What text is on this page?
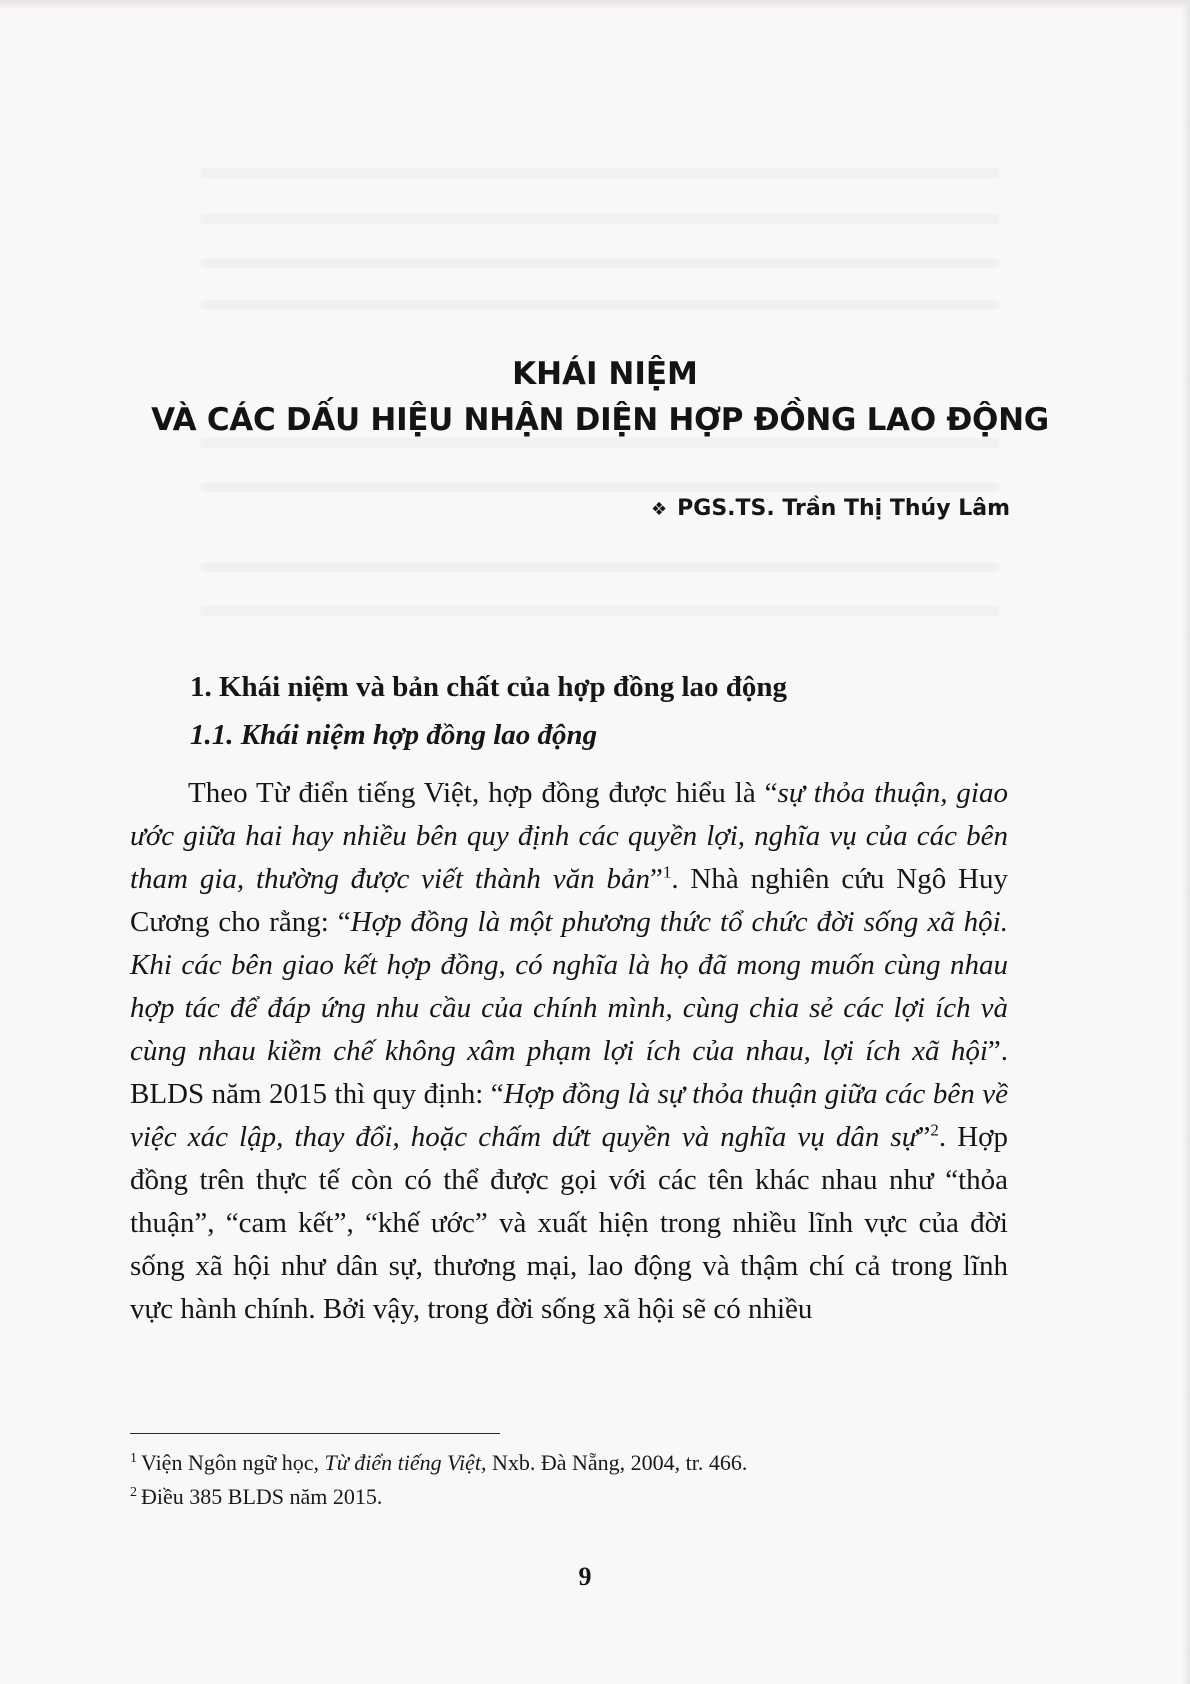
KHÁI NIỆM
VÀ CÁC DẤU HIỆU NHẬN DIỆN HỢP ĐỒNG LAO ĐỘNG
❖ PGS.TS. Trần Thị Thúy Lâm
1. Khái niệm và bản chất của hợp đồng lao động
1.1. Khái niệm hợp đồng lao động
Theo Từ điển tiếng Việt, hợp đồng được hiểu là “sự thỏa thuận, giao ước giữa hai hay nhiều bên quy định các quyền lợi, nghĩa vụ của các bên tham gia, thường được viết thành văn bản”$^1$. Nhà nghiên cứu Ngô Huy Cương cho rằng: “Hợp đồng là một phương thức tổ chức đời sống xã hội. Khi các bên giao kết hợp đồng, có nghĩa là họ đã mong muốn cùng nhau hợp tác để đáp ứng nhu cầu của chính mình, cùng chia sẻ các lợi ích và cùng nhau kiềm chế không xâm phạm lợi ích của nhau, lợi ích xã hội”. BLDS năm 2015 thì quy định: “Hợp đồng là sự thỏa thuận giữa các bên về việc xác lập, thay đổi, hoặc chấm dứt quyền và nghĩa vụ dân sự”$^2$. Hợp đồng trên thực tế còn có thể được gọi với các tên khác nhau như “thỏa thuận”, “cam kết”, “khế ước” và xuất hiện trong nhiều lĩnh vực của đời sống xã hội như dân sự, thương mại, lao động và thậm chí cả trong lĩnh vực hành chính. Bởi vậy, trong đời sống xã hội sẽ có nhiều
$^1$ Viện Ngôn ngữ học, Từ điển tiếng Việt, Nxb. Đà Nẵng, 2004, tr. 466.
$^2$ Điều 385 BLDS năm 2015.
9
